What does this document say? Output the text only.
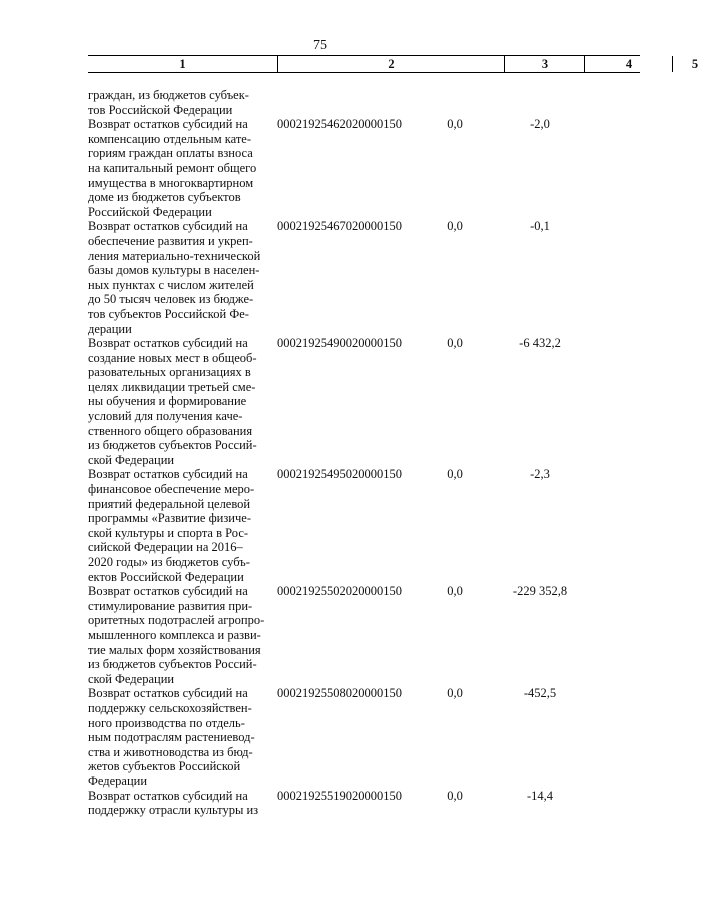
75
1	2	3	4	5
граждан, из бюджетов субъек-
тов Российской Федерации
Возврат остатков субсидий на
компенсацию отдельным кате-
гориям граждан оплаты взноса
на капитальный ремонт общего
имущества в многоквартирном
доме из бюджетов субъектов
Российской Федерации
00021925462020000150	0,0	-2,0
Возврат остатков субсидий на
обеспечение развития и укреп-
ления материально-технической
базы домов культуры в населен-
ных пунктах с числом жителей
до 50 тысяч человек из бюдже-
тов субъектов Российской Фе-
дерации
00021925467020000150	0,0	-0,1
Возврат остатков субсидий на
создание новых мест в общеоб-
разовательных организациях в
целях ликвидации третьей сме-
ны обучения и формирование
условий для получения каче-
ственного общего образования
из бюджетов субъектов Россий-
ской Федерации
00021925490020000150	0,0	-6 432,2
Возврат остатков субсидий на
финансовое обеспечение меро-
приятий федеральной целевой
программы «Развитие физиче-
ской культуры и спорта в Рос-
сийской Федерации на 2016–
2020 годы» из бюджетов субъ-
ектов Российской Федерации
00021925495020000150	0,0	-2,3
Возврат остатков субсидий на
стимулирование развития при-
оритетных подотраслей агропро-
мышленного комплекса и разви-
тие малых форм хозяйствования
из бюджетов субъектов Россий-
ской Федерации
00021925502020000150	0,0	-229 352,8
Возврат остатков субсидий на
поддержку сельскохозяйствен-
ного производства по отдель-
ным подотраслям растениевод-
ства и животноводства из бюд-
жетов субъектов Российской
Федерации
00021925508020000150	0,0	-452,5
Возврат остатков субсидий на
поддержку отрасли культуры из
00021925519020000150	0,0	-14,4
